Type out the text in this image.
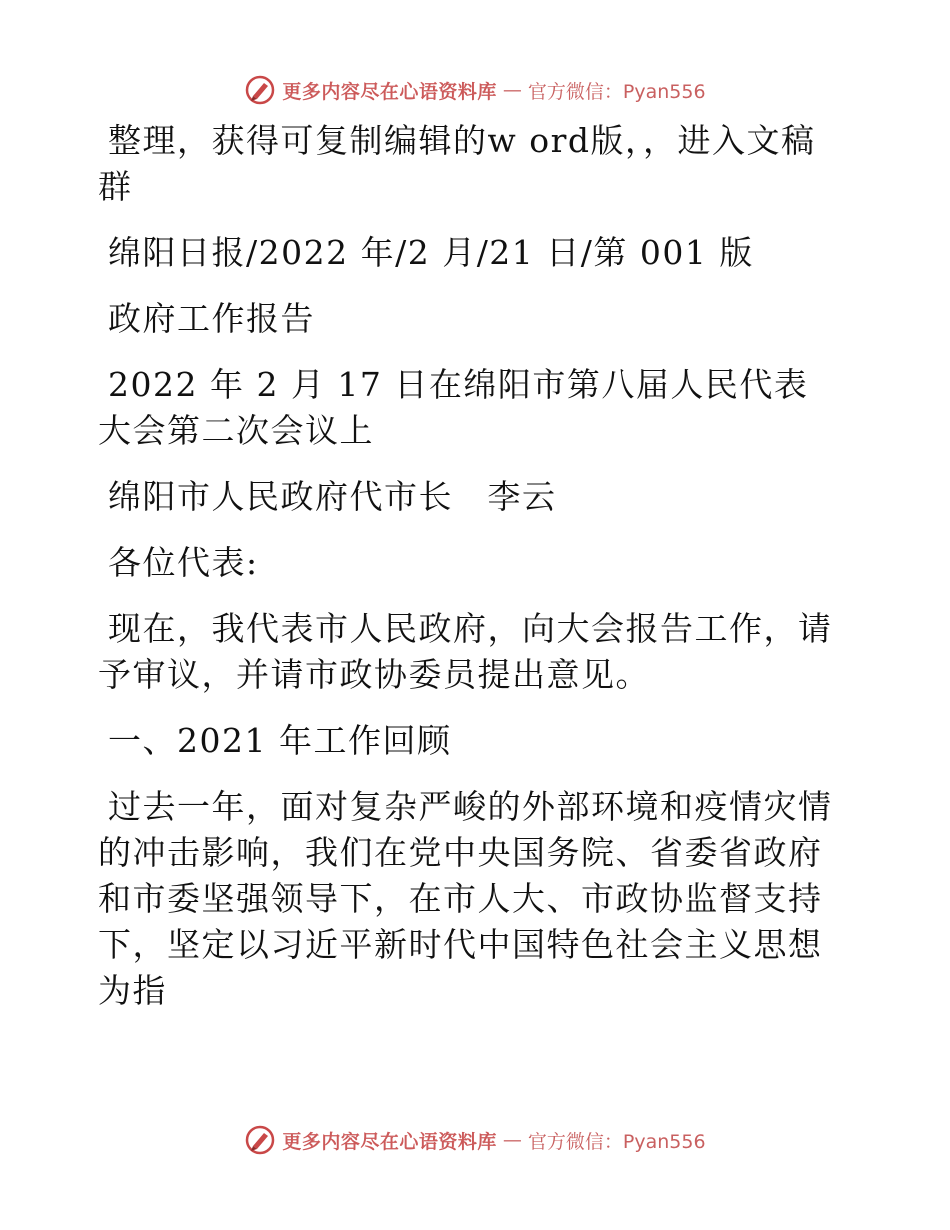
更多内容尽在心语资料库 — 官方微信：Pyan556

整理，获得可复制编辑的w ord版，，进入文稿群

绵阳日报/2022 年/2 月/21 日/第 001 版

政府工作报告

2022 年 2 月 17 日在绵阳市第八届人民代表大会第二次会议上

绵阳市人民政府代市长　李云

各位代表:

现在，我代表市人民政府，向大会报告工作，请予审议，并请市政协委员提出意见。

一、2021 年工作回顾

过去一年，面对复杂严峻的外部环境和疫情灾情的冲击影响，我们在党中央国务院、省委省政府和市委坚强领导下，在市人大、市政协监督支持下，坚定以习近平新时代中国特色社会主义思想为指

更多内容尽在心语资料库 — 官方微信：Pyan556
